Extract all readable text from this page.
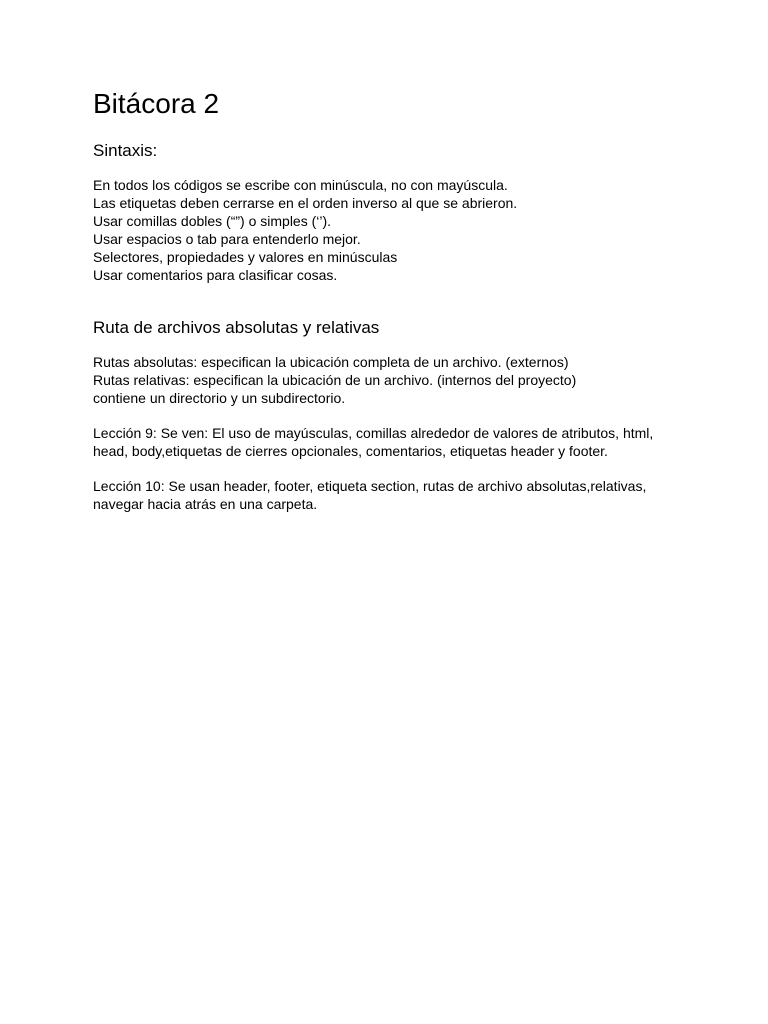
Bitácora 2
Sintaxis:

En todos los códigos se escribe con minúscula, no con mayúscula.

Las etiquetas deben cerrarse en el orden inverso al que se abrieron.

Usar comillas dobles (“”) o simples (‘’).

Usar espacios o tab para entenderlo mejor.

Selectores, propiedades y valores en minúsculas

Usar comentarios para clasificar cosas.

Ruta de archivos absolutas y relativas

Rutas absolutas: especifican la ubicación completa de un archivo. (externos)

Rutas relativas: especifican la ubicación de un archivo. (internos del proyecto)

contiene un directorio y un subdirectorio.

Lección 9: Se ven: El uso de mayúsculas, comillas alrededor de valores de atributos, html, head, body,etiquetas de cierres opcionales, comentarios, etiquetas header y footer.

Lección 10: Se usan header, footer, etiqueta section, rutas de archivo absolutas,relativas, navegar hacia atrás en una carpeta.
